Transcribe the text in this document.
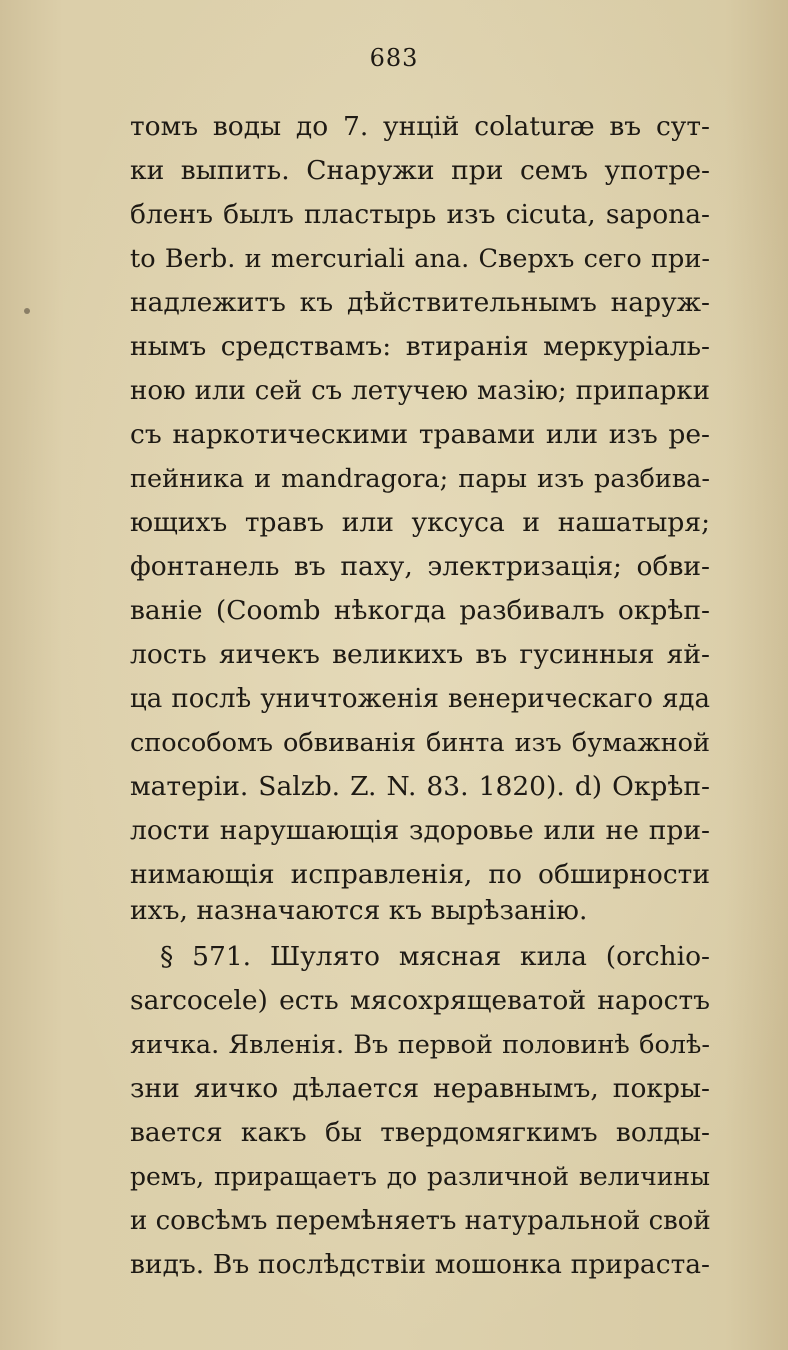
683
томъ воды до 7. унцій colaturæ въ сут-
ки выпить. Снаружи при семъ употре-
бленъ былъ пластырь изъ cicuta, sapona-
to Berb. и mercuriali ana. Сверхъ сего при-
надлежитъ къ дѣйствительнымъ наруж-
нымъ средствамъ: втиранія меркуріаль-
ною или сей съ летучею мазію; припарки
съ наркотическими травами или изъ ре-
пейника и mandragora; пары изъ разбива-
ющихъ травъ или уксуса и нашатыря;
фонтанель въ паху, электризація; обви-
ваніе (Coomb нѣкогда разбивалъ окрѣп-
лость яичекъ великихъ въ гусинныя яй-
ца послѣ уничтоженія венерическаго яда
способомъ обвиванія бинта изъ бумажной
матеріи. Salzb. Z. N. 83. 1820). d) Окрѣп-
лости нарушающія здоровье или не при-
нимающія исправленія, по обширности
ихъ, назначаются къ вырѣзанію.
§ 571. Шулято мясная кила (orchio-
sarcocele) есть мясохрящеватой наростъ
яичка. Явленія. Въ первой половинѣ болѣ-
зни яичко дѣлается неравнымъ, покры-
вается какъ бы твердомягкимъ волды-
ремъ, приращаетъ до различной величины
и совсѣмъ перемѣняетъ натуральной свой
видъ. Въ послѣдствіи мошонка прираста-
